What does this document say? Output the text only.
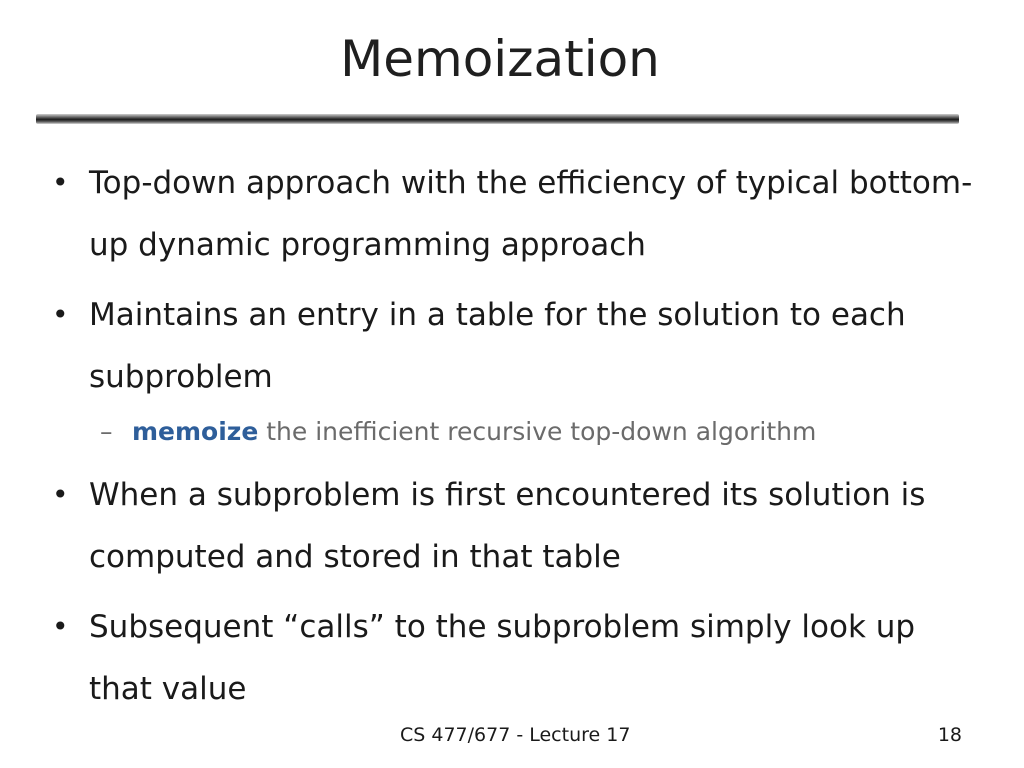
Memoization
• Top-down approach with the efficiency of typical bottom-up dynamic programming approach
• Maintains an entry in a table for the solution to each subproblem
– memoize the inefficient recursive top-down algorithm
• When a subproblem is first encountered its solution is computed and stored in that table
• Subsequent “calls” to the subproblem simply look up that value
CS 477/677 - Lecture 17	18
